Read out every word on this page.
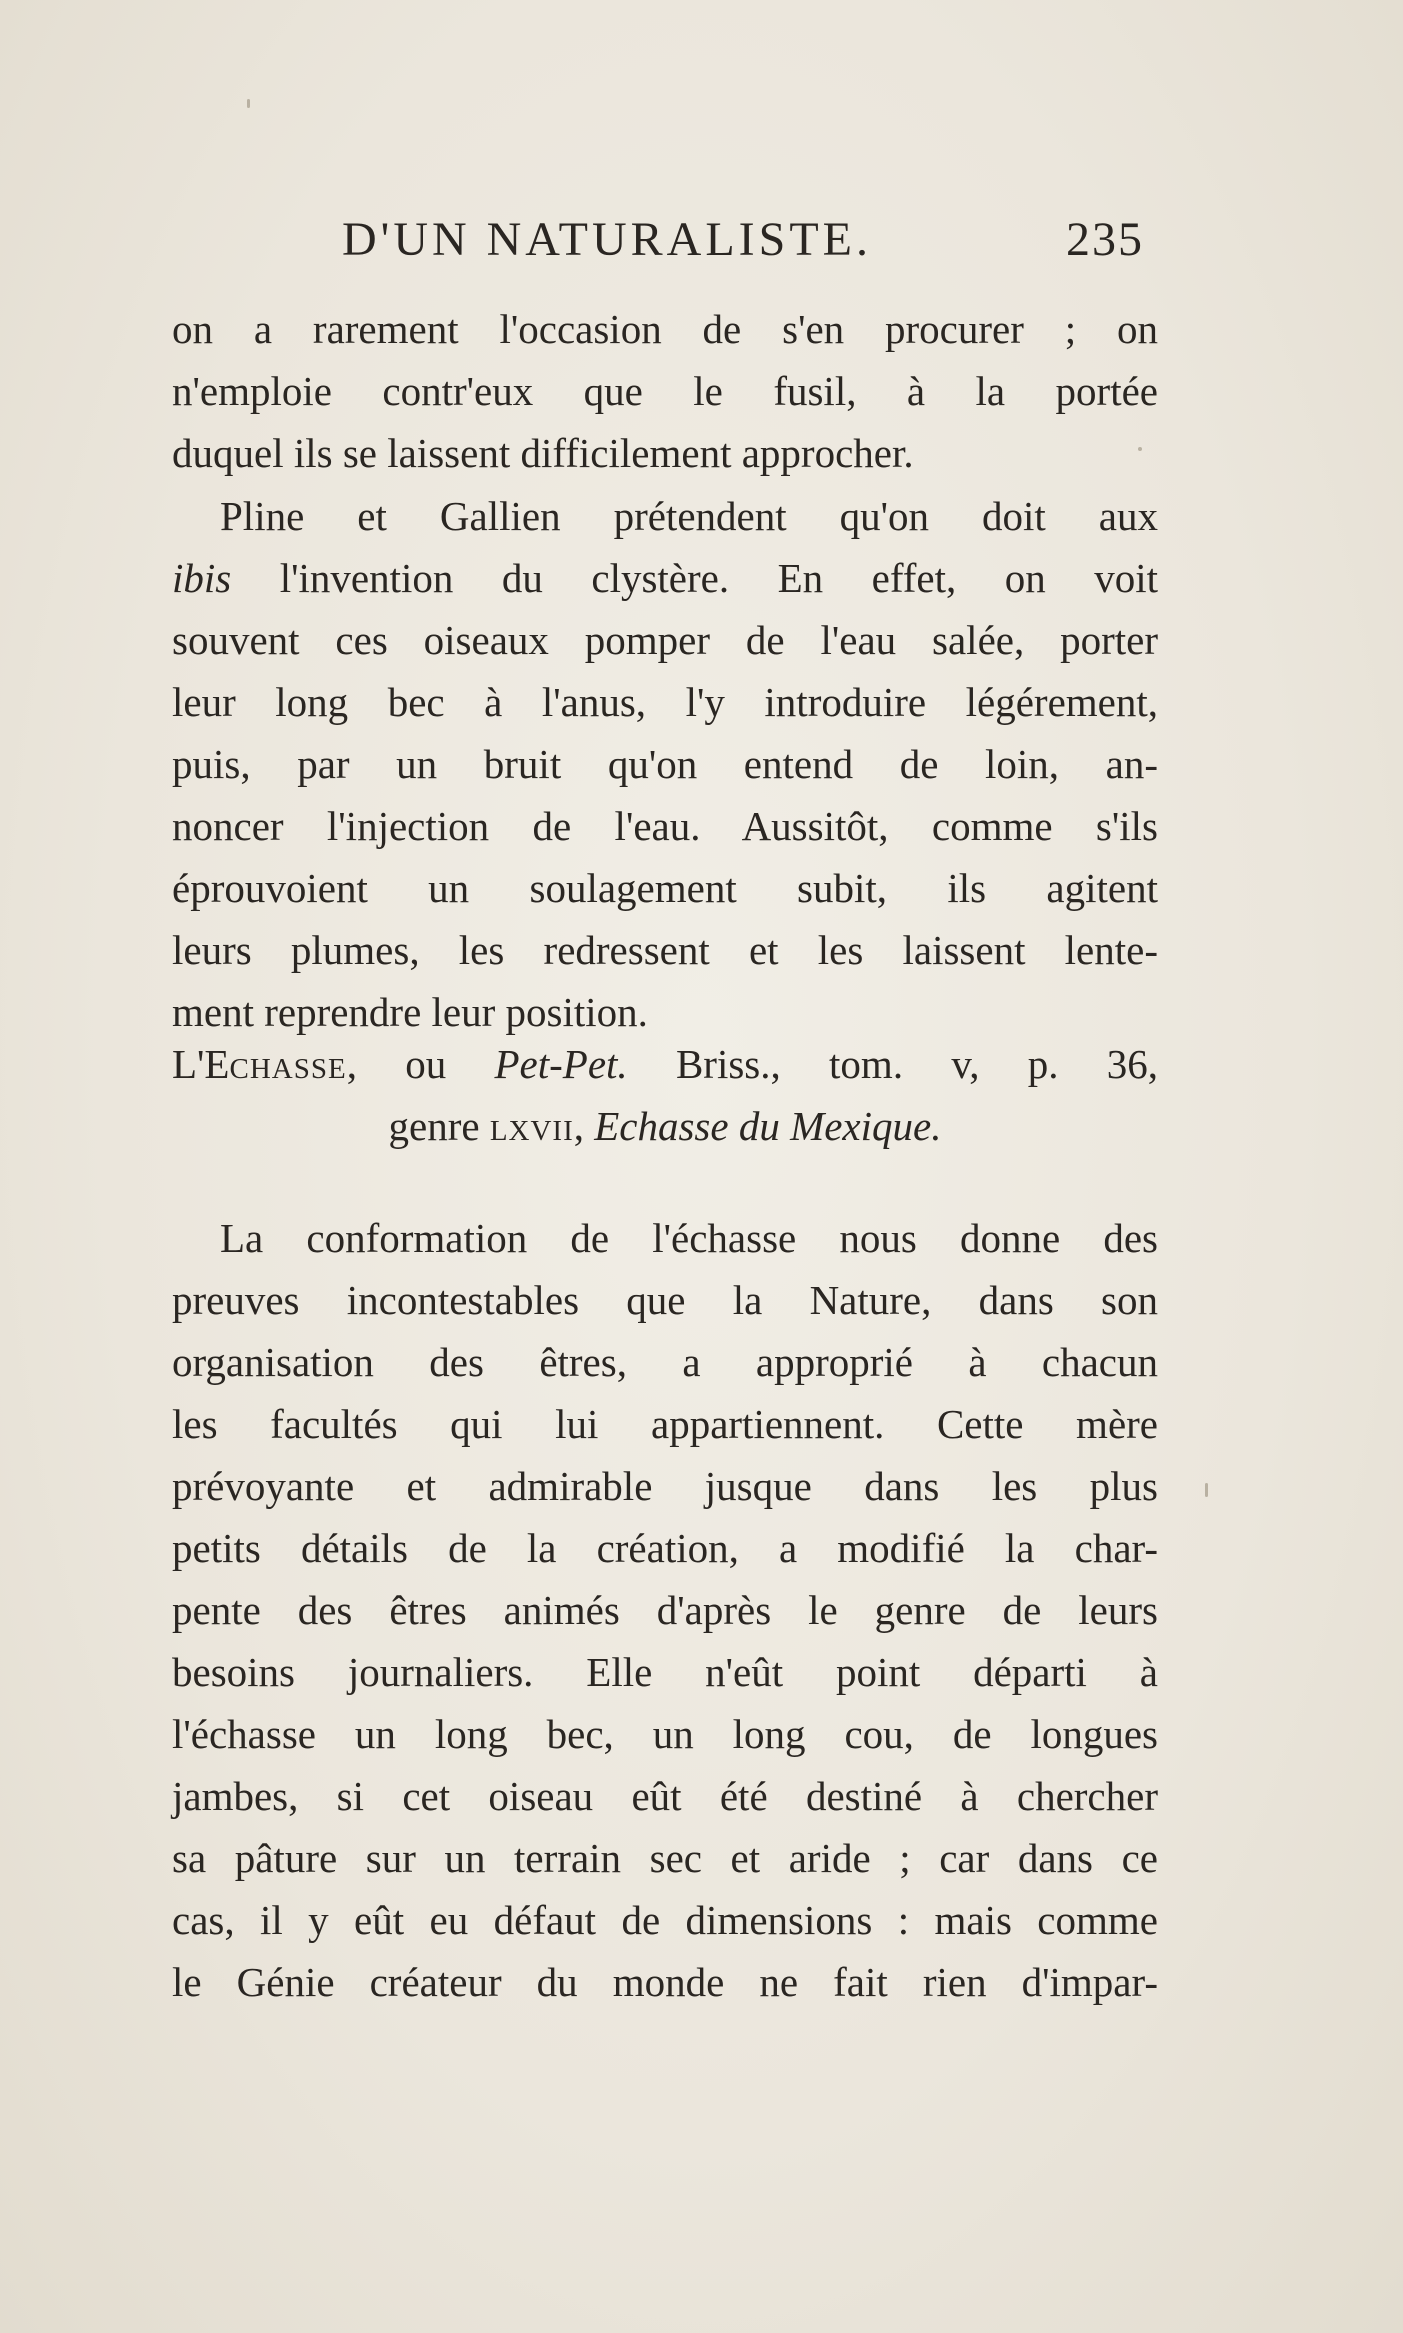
D'UN NATURALISTE.	235
on a rarement l'occasion de s'en procurer ; on
n'emploie contr'eux que le fusil, à la portée
duquel ils se laissent difficilement approcher.
Pline et Gallien prétendent qu'on doit aux
ibis l'invention du clystère. En effet, on voit
souvent ces oiseaux pomper de l'eau salée, porter
leur long bec à l'anus, l'y introduire légérement,
puis, par un bruit qu'on entend de loin, an-
noncer l'injection de l'eau. Aussitôt, comme s'ils
éprouvoient un soulagement subit, ils agitent
leurs plumes, les redressent et les laissent lente-
ment reprendre leur position.
L'Echasse, ou Pet-Pet. Briss., tom. v, p. 36,
genre lxvii, Echasse du Mexique.
La conformation de l'échasse nous donne des
preuves incontestables que la Nature, dans son
organisation des êtres, a approprié à chacun
les facultés qui lui appartiennent. Cette mère
prévoyante et admirable jusque dans les plus
petits détails de la création, a modifié la char-
pente des êtres animés d'après le genre de leurs
besoins journaliers. Elle n'eût point départi à
l'échasse un long bec, un long cou, de longues
jambes, si cet oiseau eût été destiné à chercher
sa pâture sur un terrain sec et aride ; car dans ce
cas, il y eût eu défaut de dimensions : mais comme
le Génie créateur du monde ne fait rien d'impar-
